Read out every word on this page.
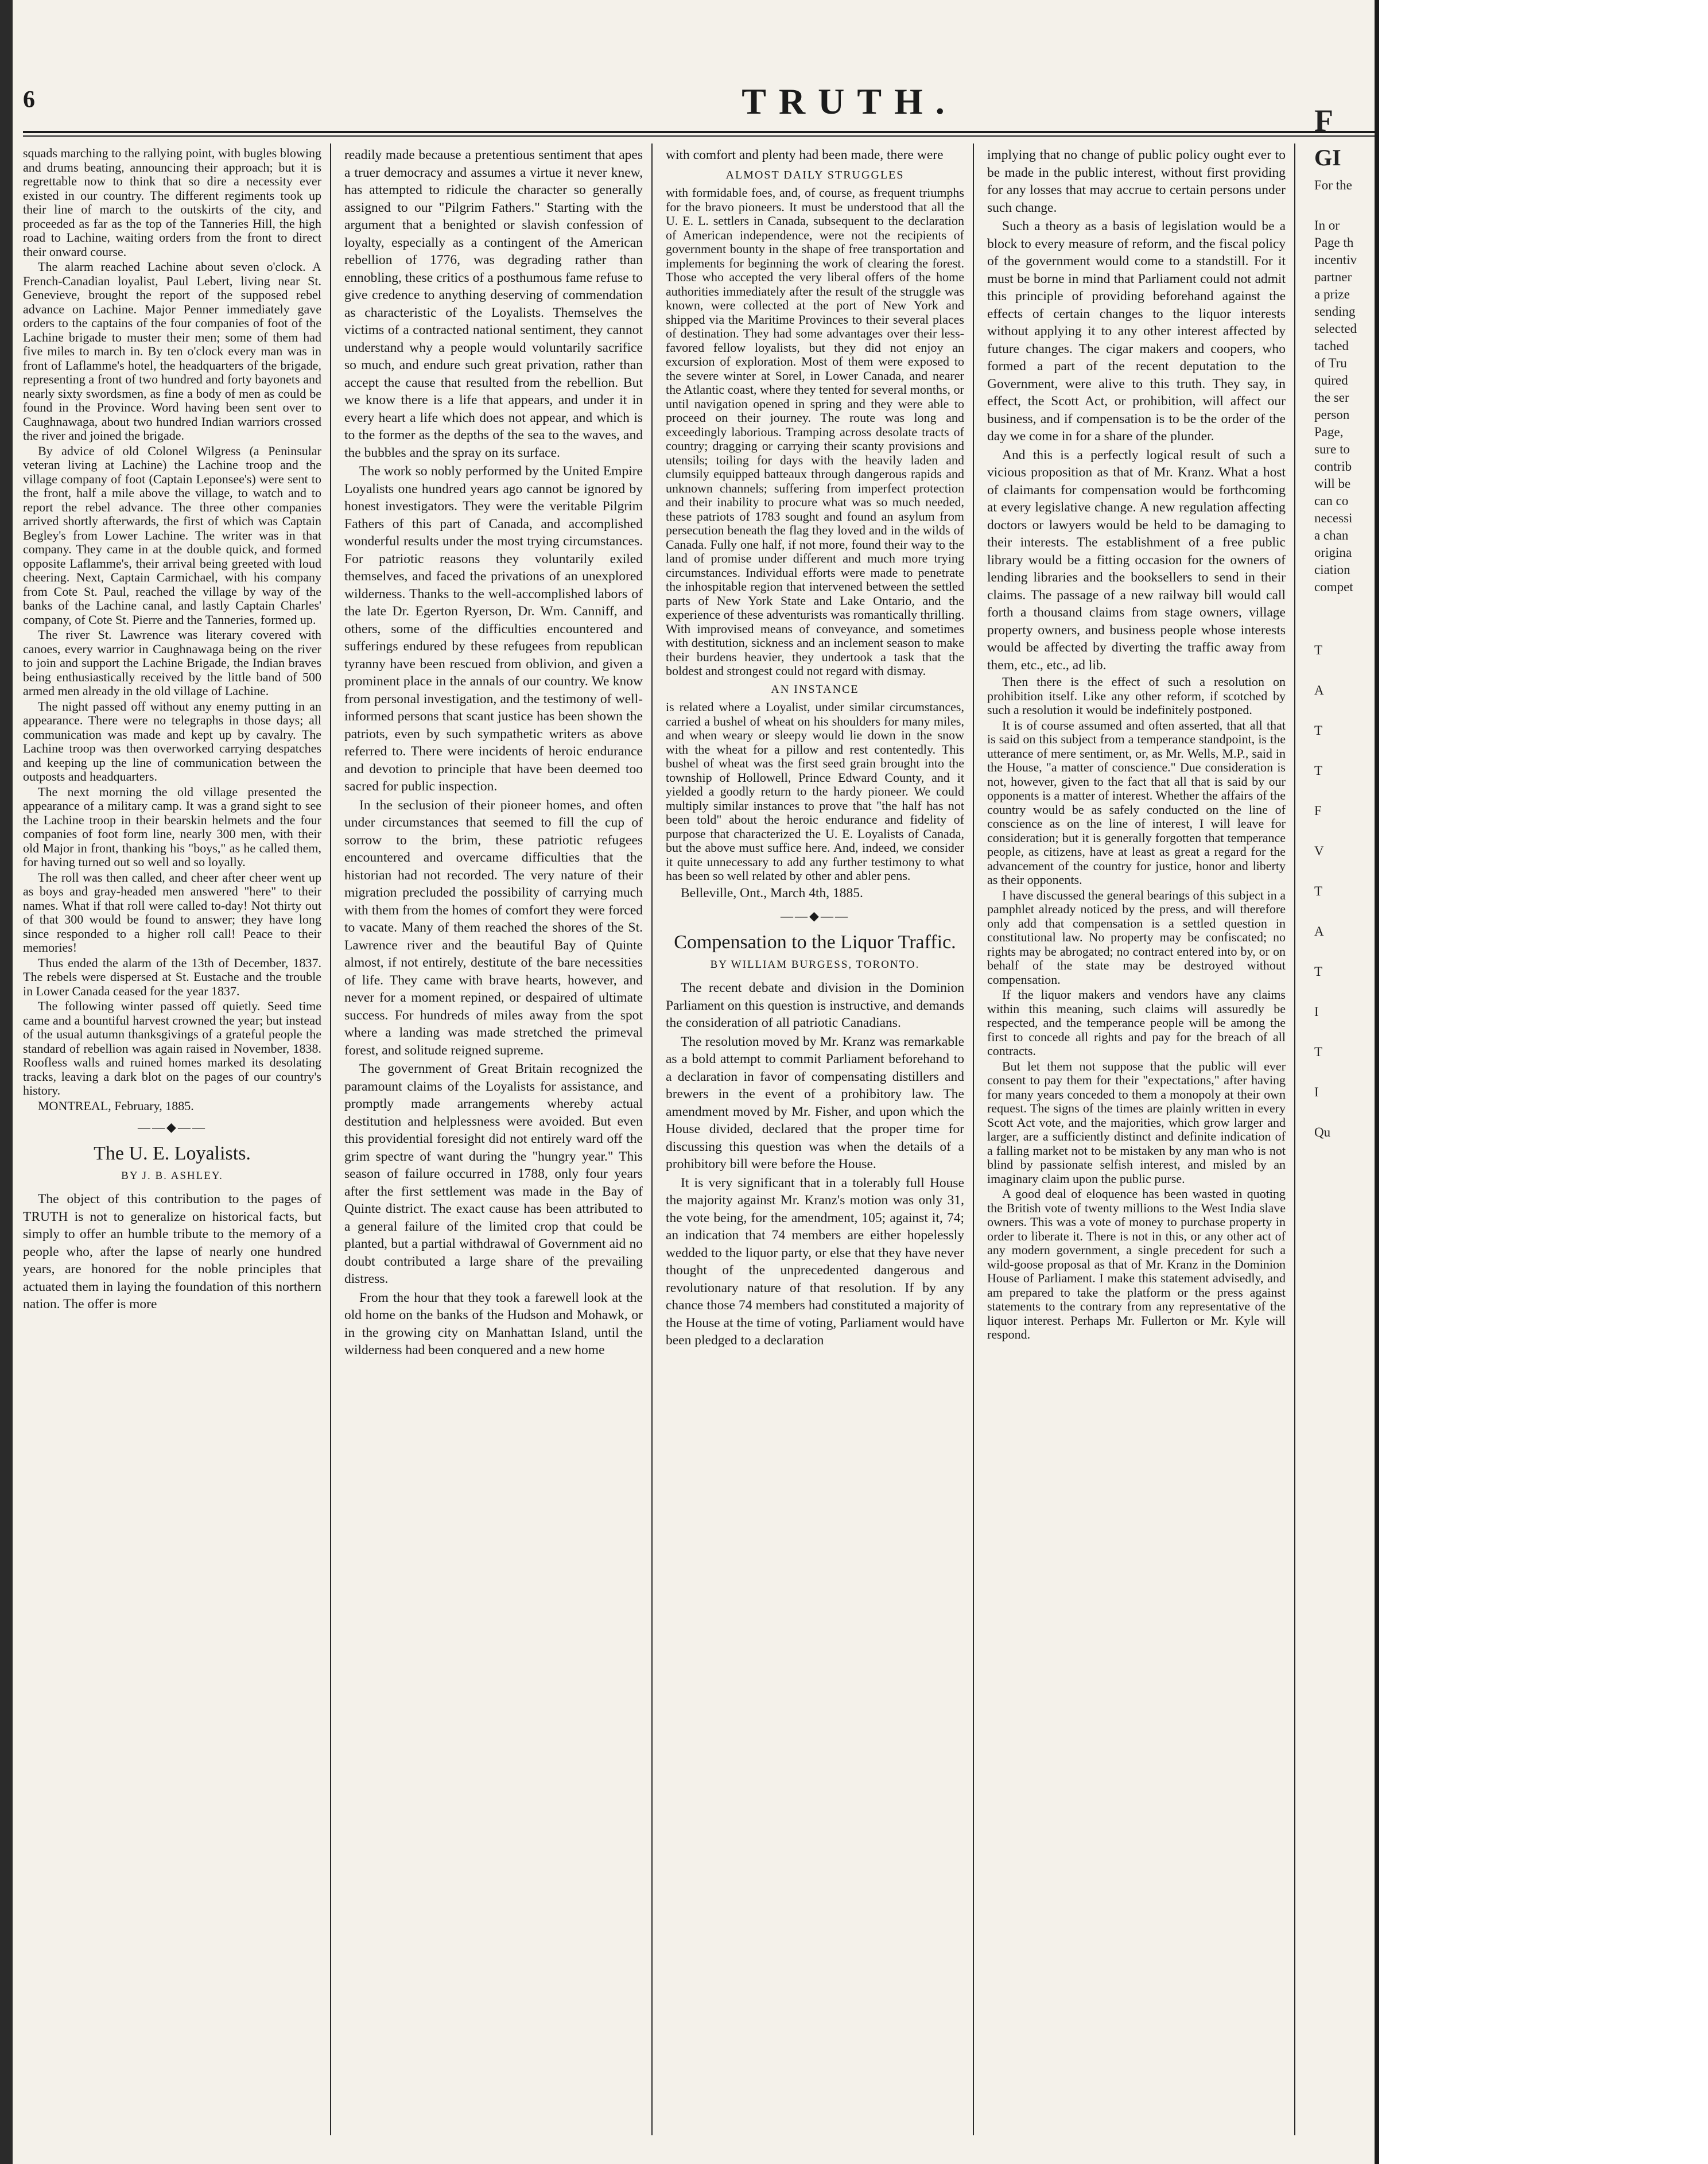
6	TRUTH.

squads marching to the rallying point, with bugles blowing and drums beating, announcing their approach; but it is regrettable now to think that so dire a necessity ever existed in our country. The different regiments took up their line of march to the outskirts of the city, and proceeded as far as the top of the Tanneries Hill, the high road to Lachine, waiting orders from the front to direct their onward course.

The alarm reached Lachine about seven o'clock. A French-Canadian loyalist, Paul Lebert, living near St. Genevieve, brought the report of the supposed rebel advance on Lachine. Major Penner immediately gave orders to the captains of the four companies of foot of the Lachine brigade to muster their men; some of them had five miles to march in. By ten o'clock every man was in front of Laflamme's hotel, the headquarters of the brigade, representing a front of two hundred and forty bayonets and nearly sixty swordsmen, as fine a body of men as could be found in the Province. Word having been sent over to Caughnawaga, about two hundred Indian warriors crossed the river and joined the brigade.

By advice of old Colonel Wilgress (a Peninsular veteran living at Lachine) the Lachine troop and the village company of foot (Captain Leponsee's) were sent to the front, half a mile above the village, to watch and to report the rebel advance. The three other companies arrived shortly afterwards, the first of which was Captain Begley's from Lower Lachine. The writer was in that company. They came in at the double quick, and formed opposite Laflamme's, their arrival being greeted with loud cheering. Next, Captain Carmichael, with his company from Cote St. Paul, reached the village by way of the banks of the Lachine canal, and lastly Captain Charles' company, of Cote St. Pierre and the Tanneries, formed up.

The river St. Lawrence was literary covered with canoes, every warrior in Caughnawaga being on the river to join and support the Lachine Brigade, the Indian braves being enthusiastically received by the little band of 500 armed men already in the old village of Lachine.

The night passed off without any enemy putting in an appearance. There were no telegraphs in those days; all communication was made and kept up by cavalry. The Lachine troop was then overworked carrying despatches and keeping up the line of communication between the outposts and headquarters.

The next morning the old village presented the appearance of a military camp. It was a grand sight to see the Lachine troop in their bearskin helmets and the four companies of foot form line, nearly 300 men, with their old Major in front, thanking his "boys," as he called them, for having turned out so well and so loyally.

The roll was then called, and cheer after cheer went up as boys and gray-headed men answered "here" to their names. What if that roll were called to-day! Not thirty out of that 300 would be found to answer; they have long since responded to a higher roll call! Peace to their memories!

Thus ended the alarm of the 13th of December, 1837. The rebels were dispersed at St. Eustache and the trouble in Lower Canada ceased for the year 1837.

The following winter passed off quietly. Seed time came and a bountiful harvest crowned the year; but instead of the usual autumn thanksgivings of a grateful people the standard of rebellion was again raised in November, 1838. Roofless walls and ruined homes marked its desolating tracks, leaving a dark blot on the pages of our country's history.

MONTREAL, February, 1885.

——◆——
The U. E. Loyalists.
BY J. B. ASHLEY.

The object of this contribution to the pages of TRUTH is not to generalize on historical facts, but simply to offer an humble tribute to the memory of a people who, after the lapse of nearly one hundred years, are honored for the noble principles that actuated them in laying the foundation of this northern nation. The offer is more

readily made because a pretentious sentiment that apes a truer democracy and assumes a virtue it never knew, has attempted to ridicule the character so generally assigned to our "Pilgrim Fathers." Starting with the argument that a benighted or slavish confession of loyalty, especially as a contingent of the American rebellion of 1776, was degrading rather than ennobling, these critics of a posthumous fame refuse to give credence to anything deserving of commendation as characteristic of the Loyalists. Themselves the victims of a contracted national sentiment, they cannot understand why a people would voluntarily sacrifice so much, and endure such great privation, rather than accept the cause that resulted from the rebellion. But we know there is a life that appears, and under it in every heart a life which does not appear, and which is to the former as the depths of the sea to the waves, and the bubbles and the spray on its surface.

The work so nobly performed by the United Empire Loyalists one hundred years ago cannot be ignored by honest investigators. They were the veritable Pilgrim Fathers of this part of Canada, and accomplished wonderful results under the most trying circumstances. For patriotic reasons they voluntarily exiled themselves, and faced the privations of an unexplored wilderness. Thanks to the well-accomplished labors of the late Dr. Egerton Ryerson, Dr. Wm. Canniff, and others, some of the difficulties encountered and sufferings endured by these refugees from republican tyranny have been rescued from oblivion, and given a prominent place in the annals of our country. We know from personal investigation, and the testimony of well-informed persons that scant justice has been shown the patriots, even by such sympathetic writers as above referred to. There were incidents of heroic endurance and devotion to principle that have been deemed too sacred for public inspection.

In the seclusion of their pioneer homes, and often under circumstances that seemed to fill the cup of sorrow to the brim, these patriotic refugees encountered and overcame difficulties that the historian had not recorded. The very nature of their migration precluded the possibility of carrying much with them from the homes of comfort they were forced to vacate. Many of them reached the shores of the St. Lawrence river and the beautiful Bay of Quinte almost, if not entirely, destitute of the bare necessities of life. They came with brave hearts, however, and never for a moment repined, or despaired of ultimate success. For hundreds of miles away from the spot where a landing was made stretched the primeval forest, and solitude reigned supreme.

The government of Great Britain recognized the paramount claims of the Loyalists for assistance, and promptly made arrangements whereby actual destitution and helplessness were avoided. But even this providential foresight did not entirely ward off the grim spectre of want during the "hungry year." This season of failure occurred in 1788, only four years after the first settlement was made in the Bay of Quinte district. The exact cause has been attributed to a general failure of the limited crop that could be planted, but a partial withdrawal of Government aid no doubt contributed a large share of the prevailing distress.

From the hour that they took a farewell look at the old home on the banks of the Hudson and Mohawk, or in the growing city on Manhattan Island, until the wilderness had been conquered and a new home

with comfort and plenty had been made, there were

ALMOST DAILY STRUGGLES

with formidable foes, and, of course, as frequent triumphs for the bravo pioneers. It must be understood that all the U. E. L. settlers in Canada, subsequent to the declaration of American independence, were not the recipients of government bounty in the shape of free transportation and implements for beginning the work of clearing the forest. Those who accepted the very liberal offers of the home authorities immediately after the result of the struggle was known, were collected at the port of New York and shipped via the Maritime Provinces to their several places of destination. They had some advantages over their less-favored fellow loyalists, but they did not enjoy an excursion of exploration. Most of them were exposed to the severe winter at Sorel, in Lower Canada, and nearer the Atlantic coast, where they tented for several months, or until navigation opened in spring and they were able to proceed on their journey. The route was long and exceedingly laborious. Tramping across desolate tracts of country; dragging or carrying their scanty provisions and utensils; toiling for days with the heavily laden and clumsily equipped batteaux through dangerous rapids and unknown channels; suffering from imperfect protection and their inability to procure what was so much needed, these patriots of 1783 sought and found an asylum from persecution beneath the flag they loved and in the wilds of Canada. Fully one half, if not more, found their way to the land of promise under different and much more trying circumstances. Individual efforts were made to penetrate the inhospitable region that intervened between the settled parts of New York State and Lake Ontario, and the experience of these adventurists was romantically thrilling. With improvised means of conveyance, and sometimes with destitution, sickness and an inclement season to make their burdens heavier, they undertook a task that the boldest and strongest could not regard with dismay.

AN INSTANCE

is related where a Loyalist, under similar circumstances, carried a bushel of wheat on his shoulders for many miles, and when weary or sleepy would lie down in the snow with the wheat for a pillow and rest contentedly. This bushel of wheat was the first seed grain brought into the township of Hollowell, Prince Edward County, and it yielded a goodly return to the hardy pioneer. We could multiply similar instances to prove that "the half has not been told" about the heroic endurance and fidelity of purpose that characterized the U. E. Loyalists of Canada, but the above must suffice here. And, indeed, we consider it quite unnecessary to add any further testimony to what has been so well related by other and abler pens.

Belleville, Ont., March 4th, 1885.

——◆——
Compensation to the Liquor Traffic.
BY WILLIAM BURGESS, TORONTO.

The recent debate and division in the Dominion Parliament on this question is instructive, and demands the consideration of all patriotic Canadians.

The resolution moved by Mr. Kranz was remarkable as a bold attempt to commit Parliament beforehand to a declaration in favor of compensating distillers and brewers in the event of a prohibitory law. The amendment moved by Mr. Fisher, and upon which the House divided, declared that the proper time for discussing this question was when the details of a prohibitory bill were before the House.

It is very significant that in a tolerably full House the majority against Mr. Kranz's motion was only 31, the vote being, for the amendment, 105; against it, 74; an indication that 74 members are either hopelessly wedded to the liquor party, or else that they have never thought of the unprecedented dangerous and revolutionary nature of that resolution. If by any chance those 74 members had constituted a majority of the House at the time of voting, Parliament would have been pledged to a declaration

implying that no change of public policy ought ever to be made in the public interest, without first providing for any losses that may accrue to certain persons under such change.

Such a theory as a basis of legislation would be a block to every measure of reform, and the fiscal policy of the government would come to a standstill. For it must be borne in mind that Parliament could not admit this principle of providing beforehand against the effects of certain changes to the liquor interests without applying it to any other interest affected by future changes. The cigar makers and coopers, who formed a part of the recent deputation to the Government, were alive to this truth. They say, in effect, the Scott Act, or prohibition, will affect our business, and if compensation is to be the order of the day we come in for a share of the plunder.

And this is a perfectly logical result of such a vicious proposition as that of Mr. Kranz. What a host of claimants for compensation would be forthcoming at every legislative change. A new regulation affecting doctors or lawyers would be held to be damaging to their interests. The establishment of a free public library would be a fitting occasion for the owners of lending libraries and the booksellers to send in their claims. The passage of a new railway bill would call forth a thousand claims from stage owners, village property owners, and business people whose interests would be affected by diverting the traffic away from them, etc., etc., ad lib.

Then there is the effect of such a resolution on prohibition itself. Like any other reform, if scotched by such a resolution it would be indefinitely postponed.

It is of course assumed and often asserted, that all that is said on this subject from a temperance standpoint, is the utterance of mere sentiment, or, as Mr. Wells, M.P., said in the House, "a matter of conscience." Due consideration is not, however, given to the fact that all that is said by our opponents is a matter of interest. Whether the affairs of the country would be as safely conducted on the line of conscience as on the line of interest, I will leave for consideration; but it is generally forgotten that temperance people, as citizens, have at least as great a regard for the advancement of the country for justice, honor and liberty as their opponents.

I have discussed the general bearings of this subject in a pamphlet already noticed by the press, and will therefore only add that compensation is a settled question in constitutional law. No property may be confiscated; no rights may be abrogated; no contract entered into by, or on behalf of the state may be destroyed without compensation.

If the liquor makers and vendors have any claims within this meaning, such claims will assuredly be respected, and the temperance people will be among the first to concede all rights and pay for the breach of all contracts.

But let them not suppose that the public will ever consent to pay them for their "expectations," after having for many years conceded to them a monopoly at their own request. The signs of the times are plainly written in every Scott Act vote, and the majorities, which grow larger and larger, are a sufficiently distinct and definite indication of a falling market not to be mistaken by any man who is not blind by passionate selfish interest, and misled by an imaginary claim upon the public purse.

A good deal of eloquence has been wasted in quoting the British vote of twenty millions to the West India slave owners. This was a vote of money to purchase property in order to liberate it. There is not in this, or any other act of any modern government, a single precedent for such a wild-goose proposal as that of Mr. Kranz in the Dominion House of Parliament. I make this statement advisedly, and am prepared to take the platform or the press against statements to the contrary from any representative of the liquor interest. Perhaps Mr. Fullerton or Mr. Kyle will respond.

F
GI

For the

In or

Page th

incentiv

partner

a prize

sending

selected

tached

of Tru

quired

the ser

person

Page,

sure to

contrib

will be

can co

necessi

a chan

origina

ciation

compet

T

A

T

T

F

V

T

A

T

I

T

I

Qu
